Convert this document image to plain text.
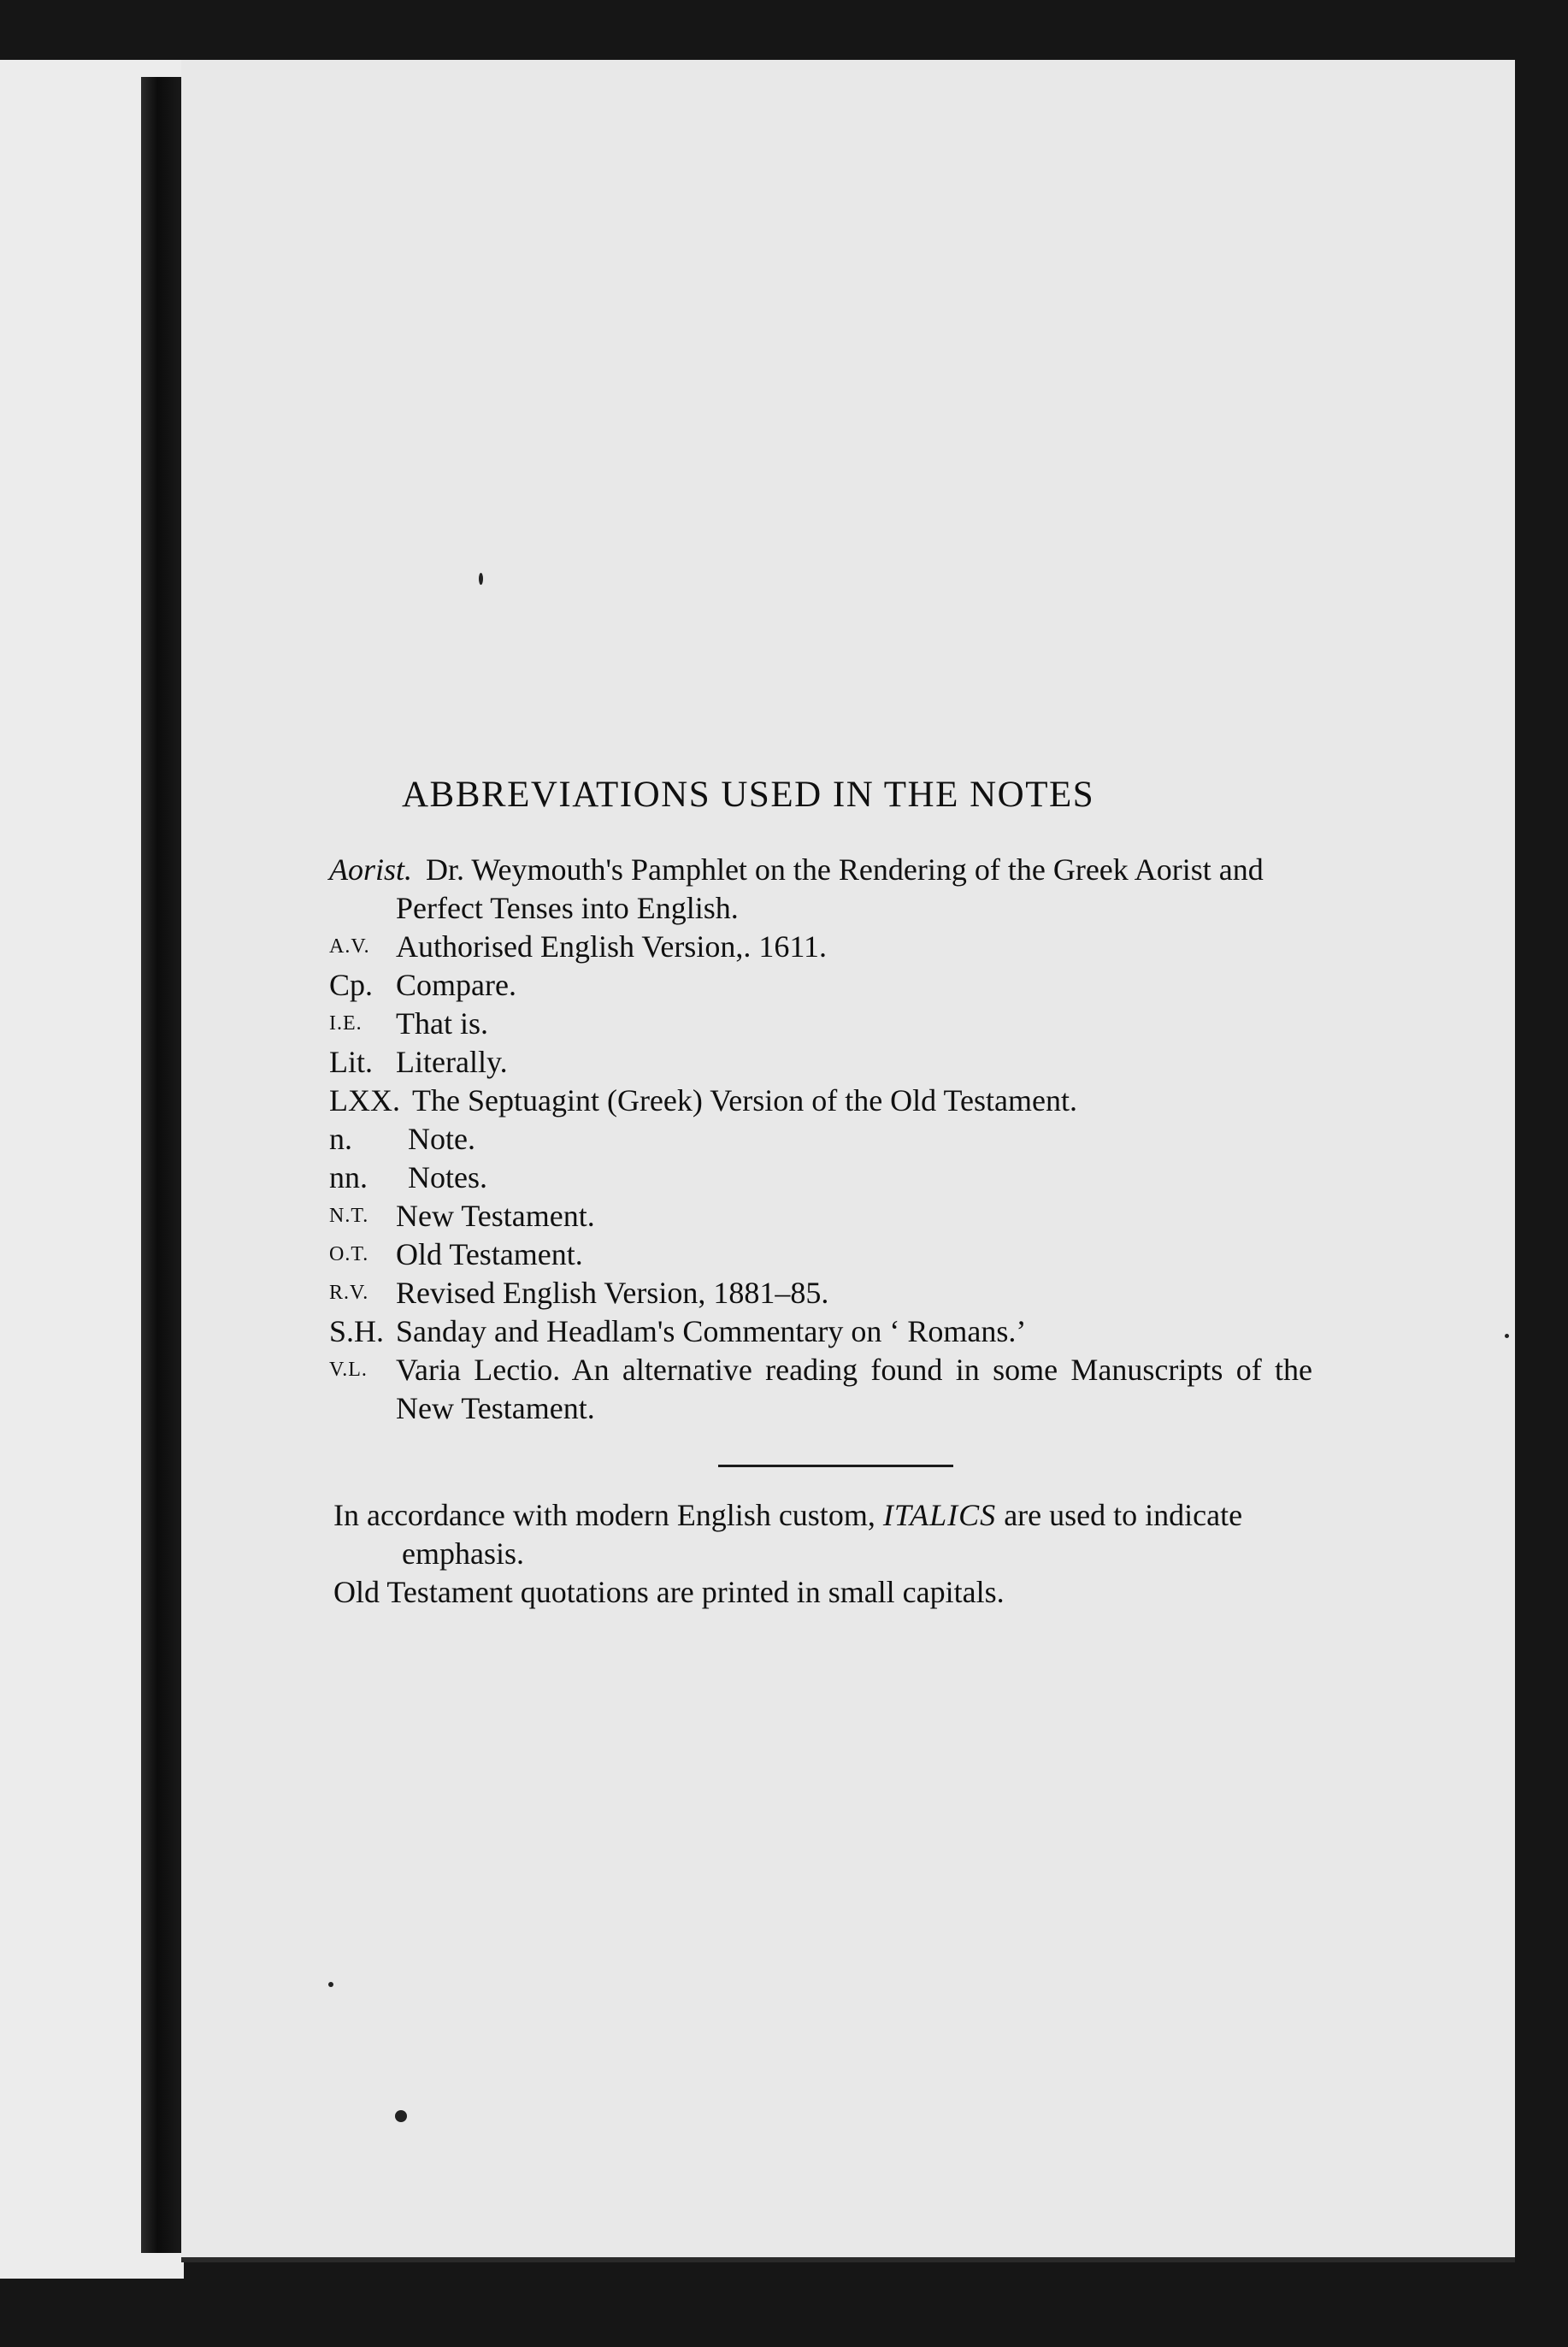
ABBREVIATIONS USED IN THE NOTES

Aorist. Dr. Weymouth's Pamphlet on the Rendering of the Greek Aorist and Perfect Tenses into English.

A.V. Authorised English Version,. 1611.

Cp. Compare.

I.E. That is.

Lit. Literally.

LXX. The Septuagint (Greek) Version of the Old Testament.

n. Note.

nn. Notes.

N.T. New Testament.

O.T. Old Testament.

R.V. Revised English Version, 1881–85.

S.H. Sanday and Headlam's Commentary on ‘ Romans.’

V.L. Varia Lectio. An alternative reading found in some Manuscripts of the New Testament.

In accordance with modern English custom, ITALICS are used to indicate emphasis.

Old Testament quotations are printed in small capitals.
